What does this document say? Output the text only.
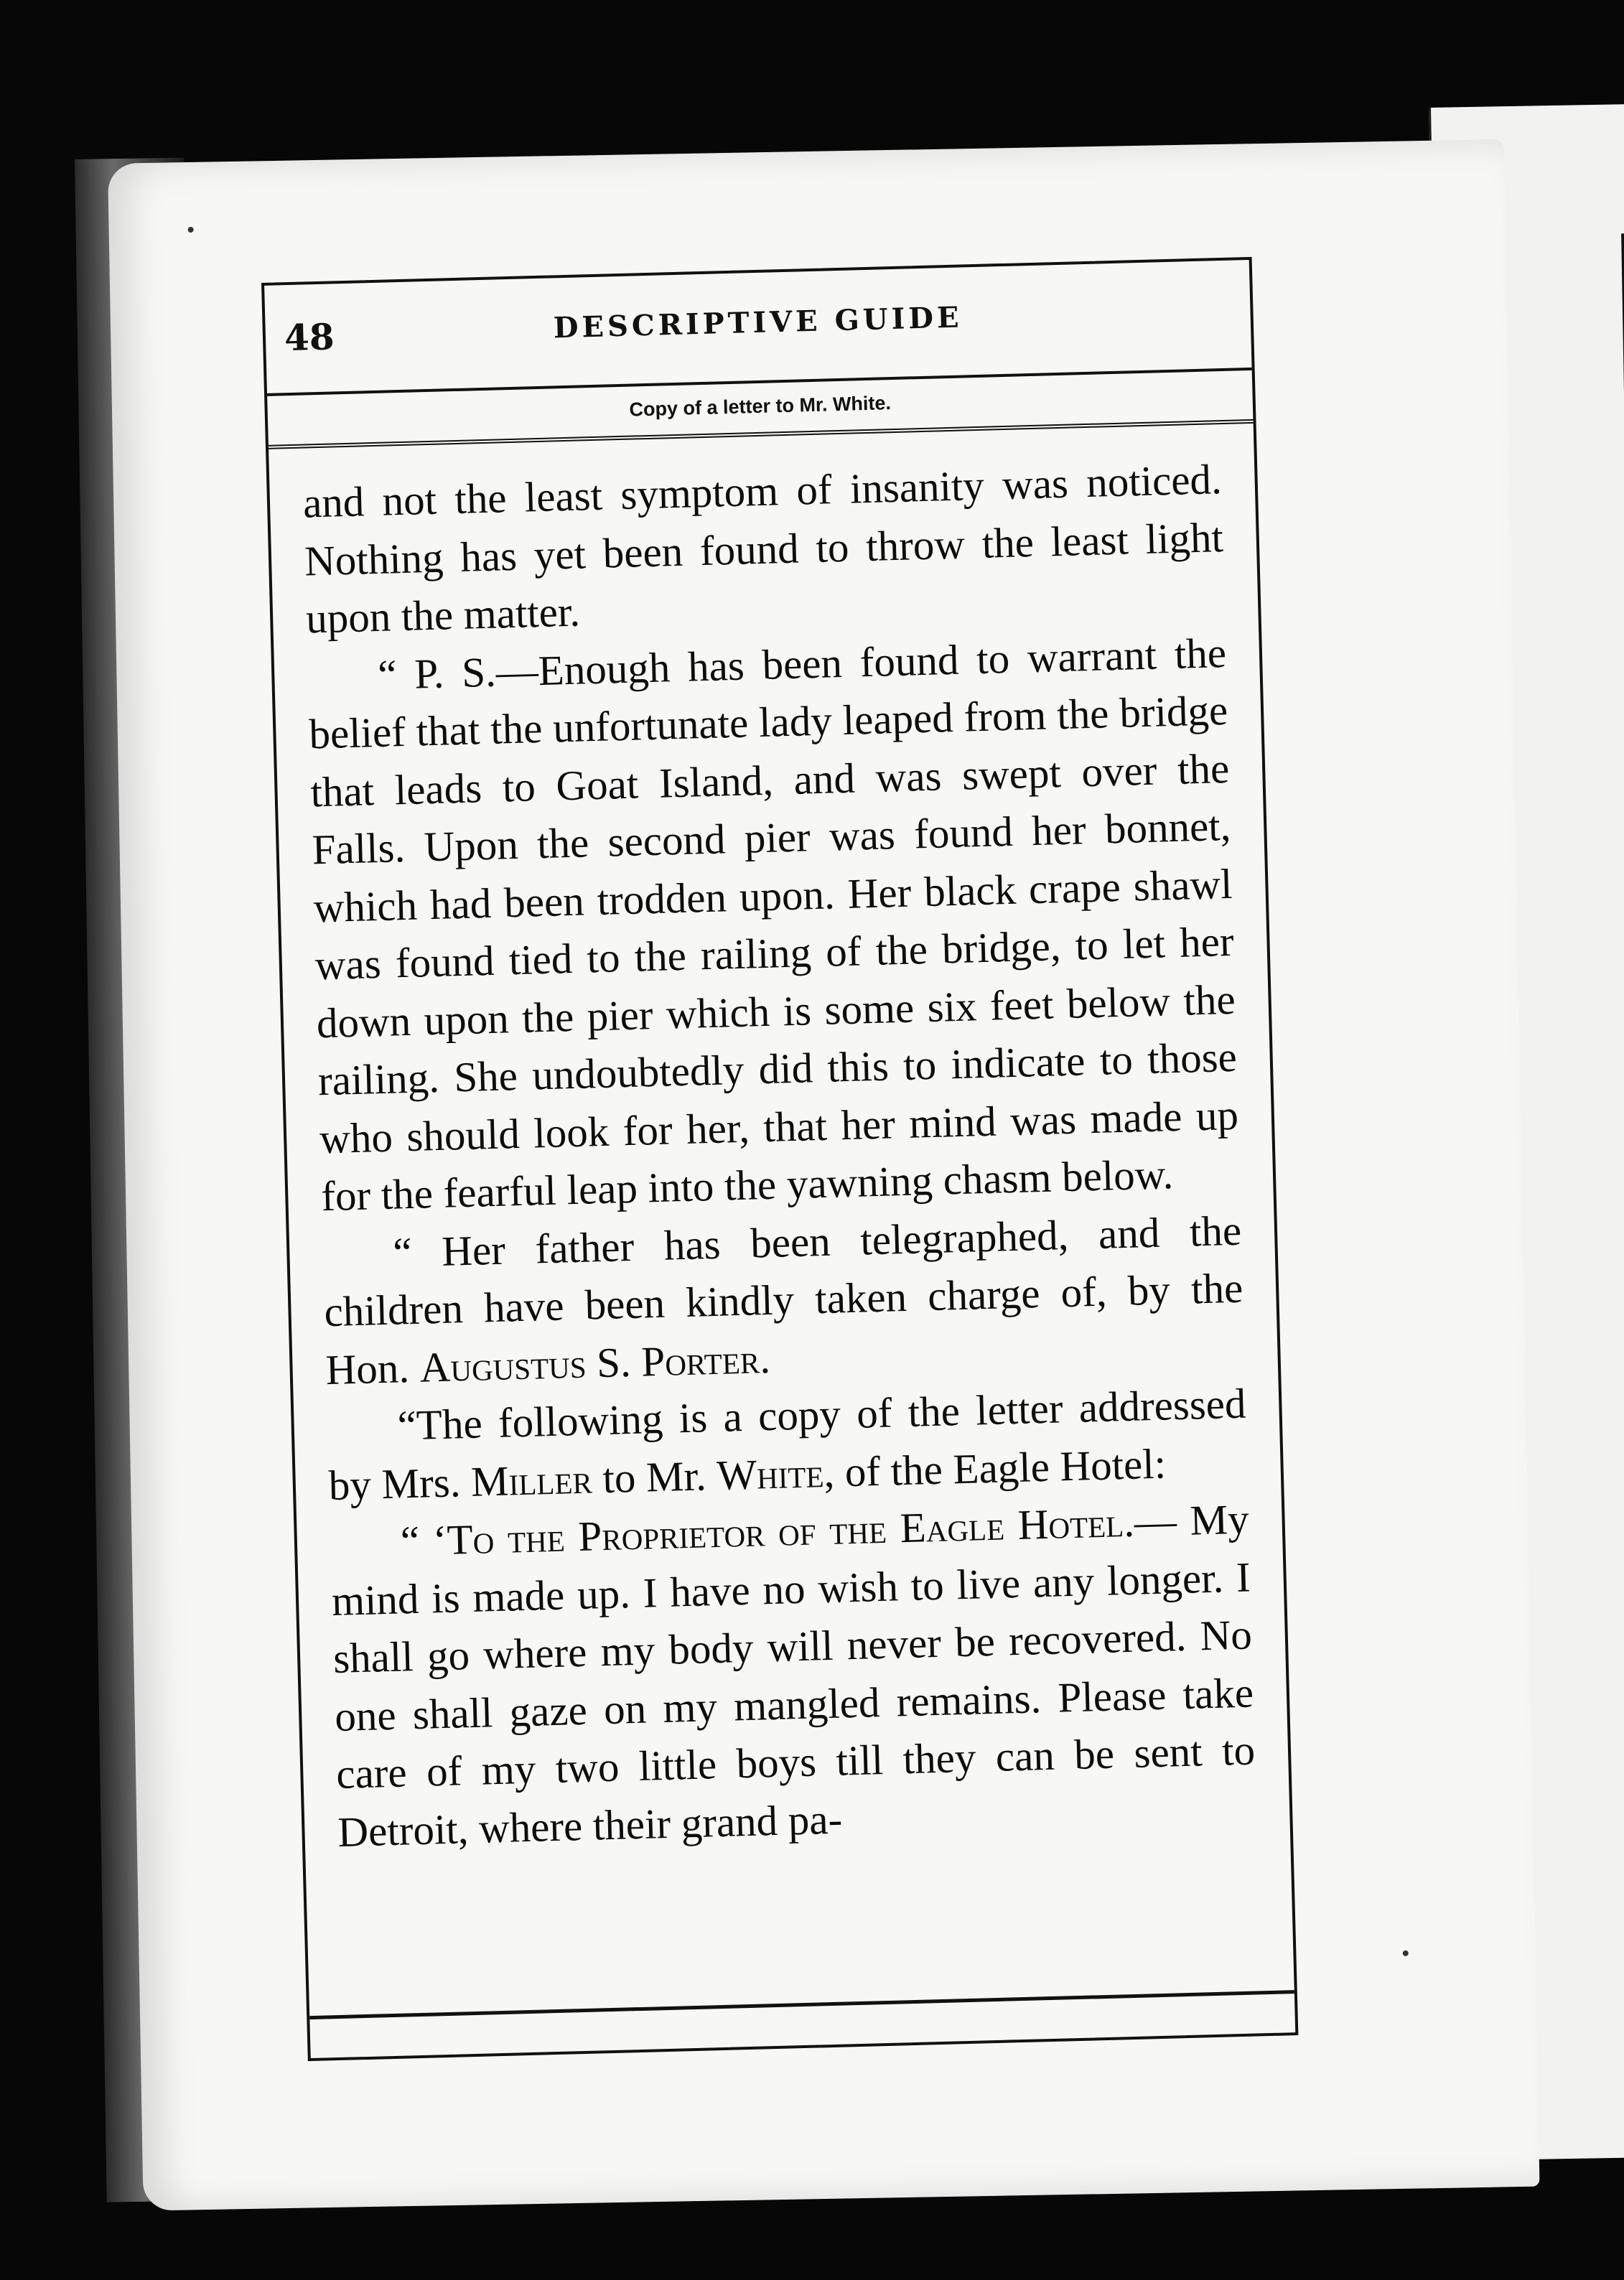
48	DESCRIPTIVE GUIDE
Copy of a letter to Mr. White.

and not the least symptom of insanity was noticed. Nothing has yet been found to throw the least light upon the matter.

“ P. S.—Enough has been found to warrant the belief that the unfortunate lady leaped from the bridge that leads to Goat Island, and was swept over the Falls. Upon the second pier was found her bonnet, which had been trodden upon. Her black crape shawl was found tied to the railing of the bridge, to let her down upon the pier which is some six feet below the railing. She undoubtedly did this to indicate to those who should look for her, that her mind was made up for the fearful leap into the yawning chasm below.

“ Her father has been telegraphed, and the children have been kindly taken charge of, by the Hon. Augustus S. Porter.

“The following is a copy of the letter addressed by Mrs. Miller to Mr. White, of the Eagle Hotel:

“ ‘To the Proprietor of the Eagle Hotel.— My mind is made up. I have no wish to live any longer. I shall go where my body will never be recovered. No one shall gaze on my mangled remains. Please take care of my two little boys till they can be sent to Detroit, where their grand pa-
